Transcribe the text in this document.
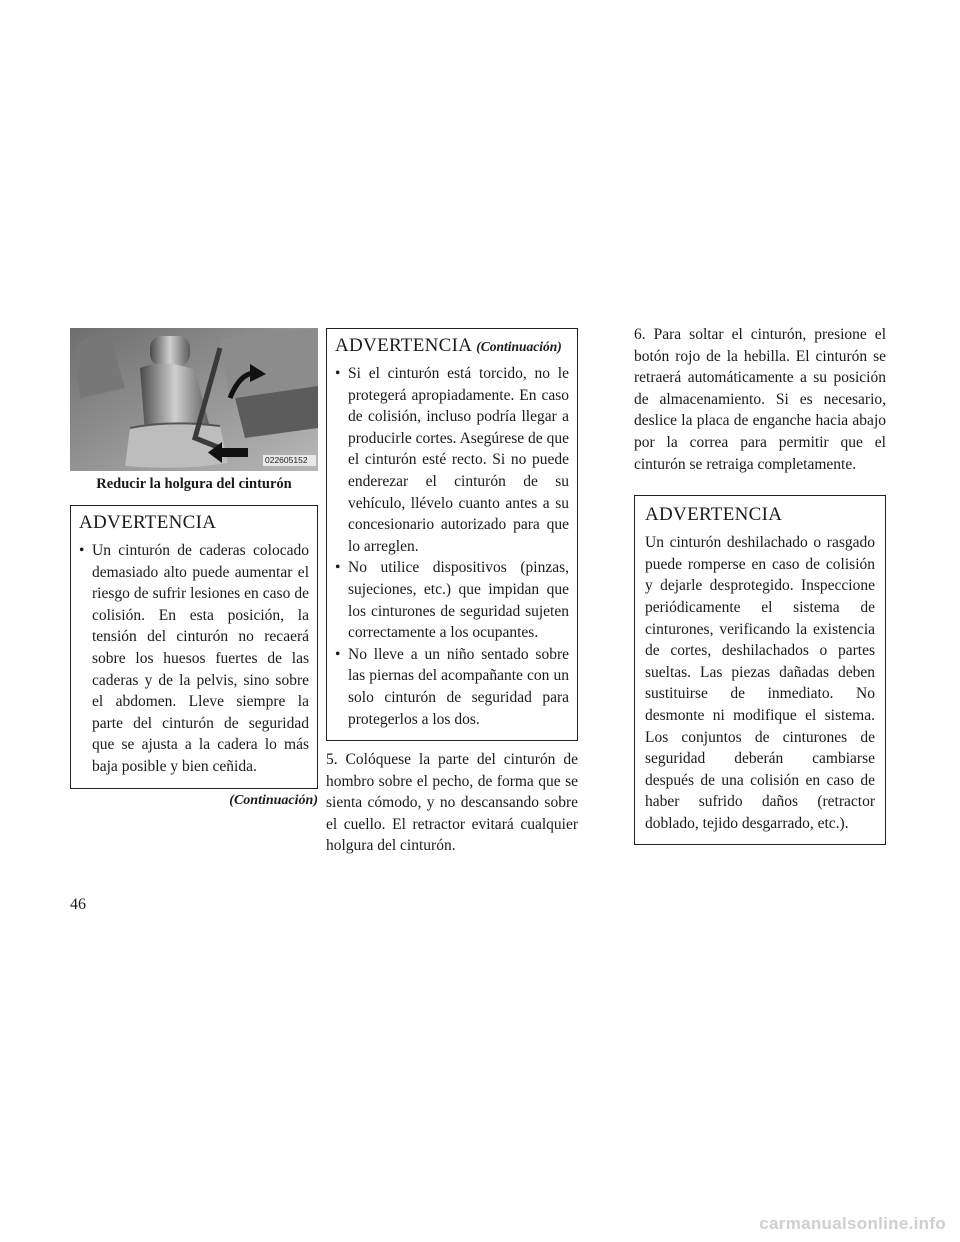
022605152
Reducir la holgura del cinturón
ADVERTENCIA
• Un cinturón de caderas colocado demasiado alto puede aumentar el riesgo de sufrir lesiones en caso de colisión. En esta posición, la tensión del cinturón no recaerá sobre los huesos fuertes de las caderas y de la pelvis, sino sobre el abdomen. Lleve siempre la parte del cinturón de seguridad que se ajusta a la cadera lo más baja posible y bien ceñida.
(Continuación)
ADVERTENCIA (Continuación)
• Si el cinturón está torcido, no le protegerá apropiadamente. En caso de colisión, incluso podría llegar a producirle cortes. Asegúrese de que el cinturón esté recto. Si no puede enderezar el cinturón de su vehículo, llévelo cuanto antes a su concesionario autorizado para que lo arreglen.
• No utilice dispositivos (pinzas, sujeciones, etc.) que impidan que los cinturones de seguridad sujeten correctamente a los ocupantes.
• No lleve a un niño sentado sobre las piernas del acompañante con un solo cinturón de seguridad para protegerlos a los dos.

5. Colóquese la parte del cinturón de hombro sobre el pecho, de forma que se sienta cómodo, y no descansando sobre el cuello. El retractor evitará cualquier holgura del cinturón.

6. Para soltar el cinturón, presione el botón rojo de la hebilla. El cinturón se retraerá automáticamente a su posición de almacenamiento. Si es necesario, deslice la placa de enganche hacia abajo por la correa para permitir que el cinturón se retraiga completamente.

ADVERTENCIA

Un cinturón deshilachado o rasgado puede romperse en caso de colisión y dejarle desprotegido. Inspeccione periódicamente el sistema de cinturones, verificando la existencia de cortes, deshilachados o partes sueltas. Las piezas dañadas deben sustituirse de inmediato. No desmonte ni modifique el sistema. Los conjuntos de cinturones de seguridad deberán cambiarse después de una colisión en caso de haber sufrido daños (retractor doblado, tejido desgarrado, etc.).

46
carmanualsonline.info
